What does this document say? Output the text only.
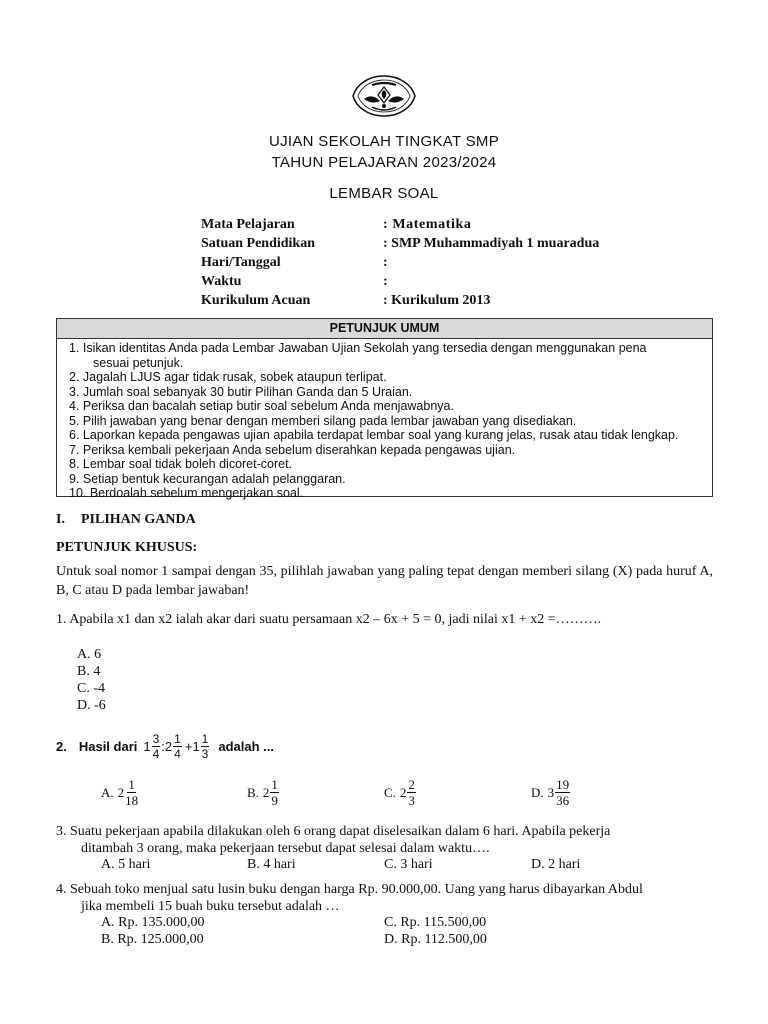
UJIAN SEKOLAH TINGKAT SMP
TAHUN PELAJARAN 2023/2024
LEMBAR SOAL
Mata Pelajaran	: Matematika
Satuan Pendidikan	: SMP Muhammadiyah 1 muaradua
Hari/Tanggal	:
Waktu	:
Kurikulum Acuan	: Kurikulum 2013
PETUNJUK UMUM
1. Isikan identitas Anda pada Lembar Jawaban Ujian Sekolah yang tersedia dengan menggunakan pena
sesuai petunjuk.
2. Jagalah LJUS agar tidak rusak, sobek ataupun terlipat.
3. Jumlah soal sebanyak 30 butir Pilihan Ganda dan 5 Uraian.
4. Periksa dan bacalah setiap butir soal sebelum Anda menjawabnya.
5. Pilih jawaban yang benar dengan memberi silang pada lembar jawaban yang disediakan.
6. Laporkan kepada pengawas ujian apabila terdapat lembar soal yang kurang jelas, rusak atau tidak lengkap.
7. Periksa kembali pekerjaan Anda sebelum diserahkan kepada pengawas ujian.
8. Lembar soal tidak boleh dicoret-coret.
9. Setiap bentuk kecurangan adalah pelanggaran.
10. Berdoalah sebelum mengerjakan soal.
I. PILIHAN GANDA
PETUNJUK KHUSUS:
Untuk soal nomor 1 sampai dengan 35, pilihlah jawaban yang paling tepat dengan memberi silang (X) pada huruf A, B, C atau D pada lembar jawaban!
1. Apabila x1 dan x2 ialah akar dari suatu persamaan x2 – 6x + 5 = 0, jadi nilai x1 + x2 =……….
A. 6
B. 4
C. -4
D. -6
2. Hasil dari $1 \frac{3}{4}$ : $2 \frac{1}{4} + 1 \frac{1}{3}$ adalah ...
A. $2 \frac{1}{18}$	B. $2 \frac{1}{9}$	C. $2 \frac{2}{3}$	D. $3 \frac{19}{36}$
3. Suatu pekerjaan apabila dilakukan oleh 6 orang dapat diselesaikan dalam 6 hari. Apabila pekerja
ditambah 3 orang, maka pekerjaan tersebut dapat selesai dalam waktu….
A. 5 hari	B. 4 hari	C. 3 hari	D. 2 hari
4. Sebuah toko menjual satu lusin buku dengan harga Rp. 90.000,00. Uang yang harus dibayarkan Abdul
jika membeli 15 buah buku tersebut adalah …
A. Rp. 135.000,00	C. Rp. 115.500,00
B. Rp. 125.000,00	D. Rp. 112.500,00
